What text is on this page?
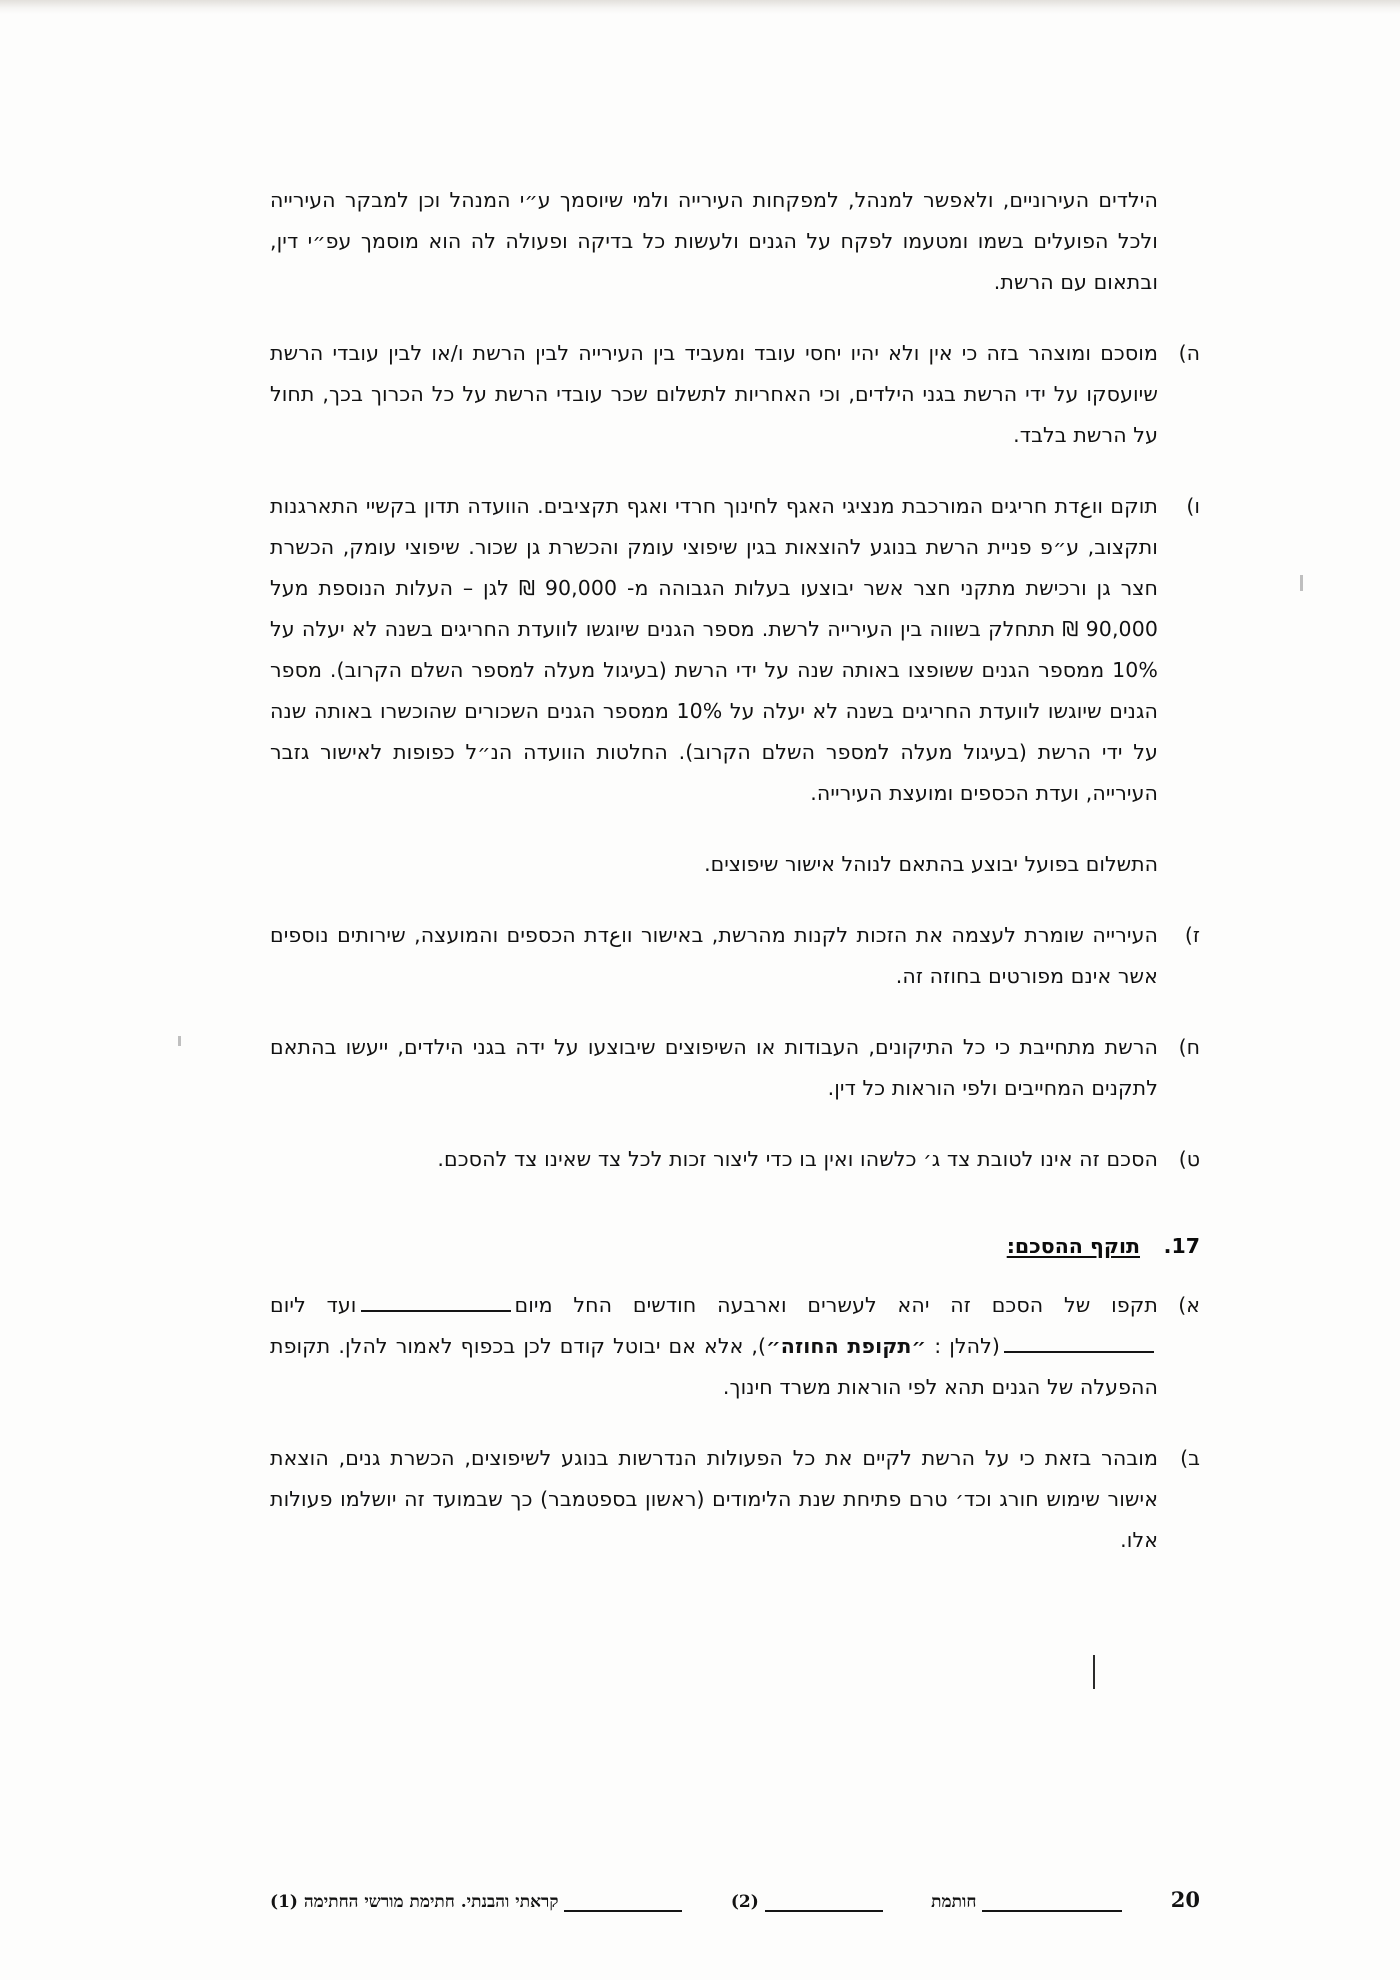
הילדים העירוניים, ולאפשר למנהל, למפקחות העירייה ולמי שיוסמך ע״י המנהל וכן למבקר העירייה ולכל הפועלים בשמו ומטעמו לפקח על הגנים ולעשות כל בדיקה ופעולה לה הוא מוסמך עפ״י דין, ובתאום עם הרשת.
ה)
מוסכם ומוצהר בזה כי אין ולא יהיו יחסי עובד ומעביד בין העירייה לבין הרשת ו/או לבין עובדי הרשת שיועסקו על ידי הרשת בגני הילדים, וכי האחריות לתשלום שכר עובדי הרשת על כל הכרוך בכך, תחול על הרשת בלבד.
ו)
תוקם ווعדת חריגים המורכבת מנציגי האגף לחינוך חרדי ואגף תקציבים. הוועדה תדון בקשיי התארגנות ותקצוב, ע״פ פניית הרשת בנוגע להוצאות בגין שיפוצי עומק והכשרת גן שכור. שיפוצי עומק, הכשרת חצר גן ורכישת מתקני חצר אשר יבוצעו בעלות הגבוהה מ- 90,000 ₪ לגן – העלות הנוספת מעל 90,000 ₪ תתחלק בשווה בין העירייה לרשת. מספר הגנים שיוגשו לוועדת החריגים בשנה לא יעלה על 10% ממספר הגנים ששופצו באותה שנה על ידי הרשת (בעיגול מעלה למספר השלם הקרוב). מספר הגנים שיוגשו לוועדת החריגים בשנה לא יעלה על 10% ממספר הגנים השכורים שהוכשרו באותה שנה על ידי הרשת (בעיגול מעלה למספר השלם הקרוב). החלטות הוועדה הנ״ל כפופות לאישור גזבר העירייה, ועדת הכספים ומועצת העירייה.
התשלום בפועל יבוצע בהתאם לנוהל אישור שיפוצים.
ז)
העירייה שומרת לעצמה את הזכות לקנות מהרשת, באישור ווعדת הכספים והמועצה, שירותים נוספים אשר אינם מפורטים בחוזה זה.
ח)
הרשת מתחייבת כי כל התיקונים, העבודות או השיפוצים שיבוצעו על ידה בגני הילדים, ייעשו בהתאם לתקנים המחייבים ולפי הוראות כל דין.
ט)
הסכם זה אינו לטובת צד ג׳ כלשהו ואין בו כדי ליצור זכות לכל צד שאינו צד להסכם.
17.
תוקף ההסכם:
א)
תקפו של הסכם זה יהא לעשרים וארבעה חודשים החל מיוםועד ליום(להלן : ״תקופת החוזה״), אלא אם יבוטל קודם לכן בכפוף לאמור להלן. תקופת ההפעלה של הגנים תהא לפי הוראות משרד חינוך.
ב)
מובהר בזאת כי על הרשת לקיים את כל הפעולות הנדרשות בנוגע לשיפוצים, הכשרת גנים, הוצאת אישור שימוש חורג וכד׳ טרם פתיחת שנת הלימודים (ראשון בספטמבר) כך שבמועד זה יושלמו פעולות אלו.
20
חותמת
(2)
קראתי והבנתי. חתימת מורשי החתימה (1)
